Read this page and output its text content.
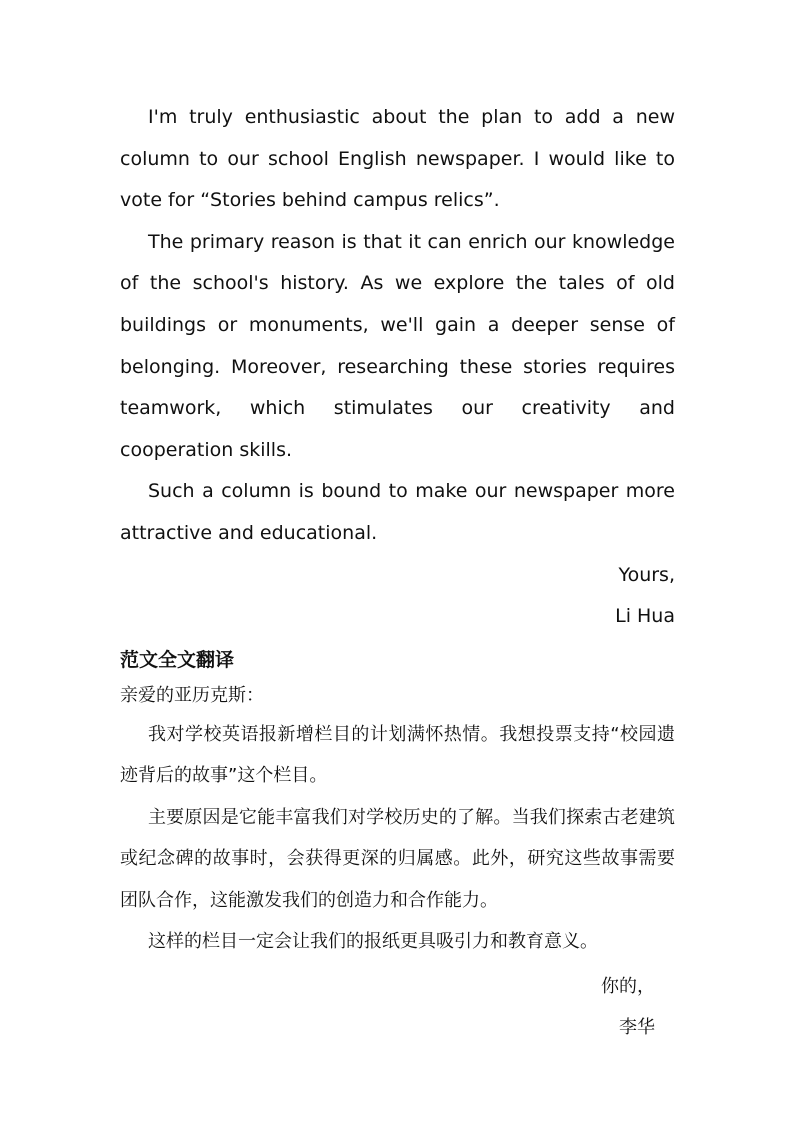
I'm truly enthusiastic about the plan to add a new column to our school English newspaper. I would like to vote for “Stories behind campus relics”.

The primary reason is that it can enrich our knowledge of the school's history. As we explore the tales of old buildings or monuments, we'll gain a deeper sense of belonging. Moreover, researching these stories requires teamwork, which stimulates our creativity and cooperation skills.

Such a column is bound to make our newspaper more attractive and educational.

Yours,

Li Hua

范文全文翻译

亲爱的亚历克斯：

我对学校英语报新增栏目的计划满怀热情。我想投票支持“校园遗迹背后的故事”这个栏目。

主要原因是它能丰富我们对学校历史的了解。当我们探索古老建筑或纪念碑的故事时，会获得更深的归属感。此外，研究这些故事需要团队合作，这能激发我们的创造力和合作能力。

这样的栏目一定会让我们的报纸更具吸引力和教育意义。

你的，

李华
